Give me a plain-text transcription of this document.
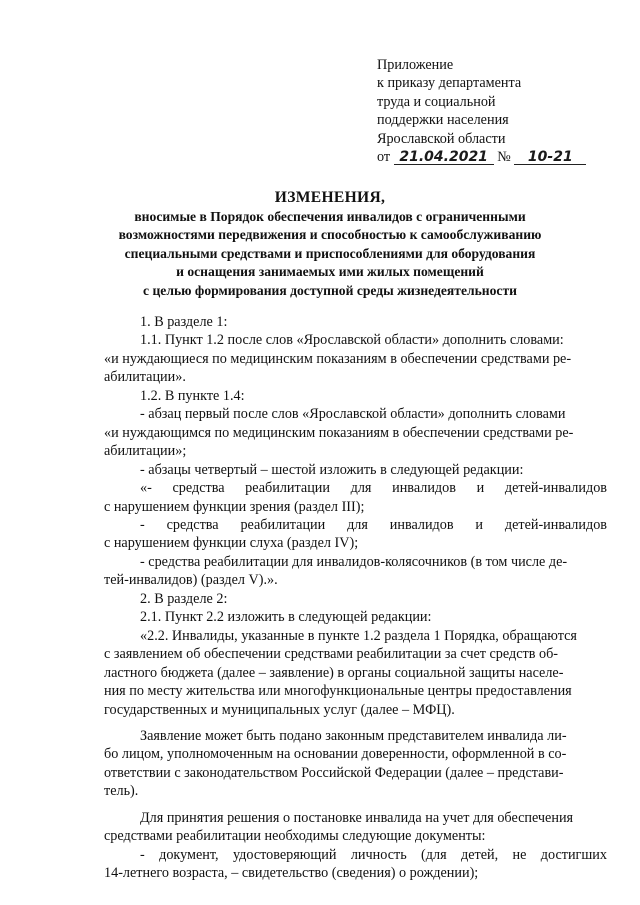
Приложение
к приказу департамента
труда и социальной
поддержки населения
Ярославской области
от 21.04.2021 № 10-21
ИЗМЕНЕНИЯ,
вносимые в Порядок обеспечения инвалидов с ограниченными
возможностями передвижения и способностью к самообслуживанию
специальными средствами и приспособлениями для оборудования
и оснащения занимаемых ими жилых помещений
с целью формирования доступной среды жизнедеятельности
1. В разделе 1:
1.1. Пункт 1.2 после слов «Ярославской области» дополнить словами:
«и нуждающиеся по медицинским показаниям в обеспечении средствами ре-
абилитации».
1.2. В пункте 1.4:
- абзац первый после слов «Ярославской области» дополнить словами
«и нуждающимся по медицинским показаниям в обеспечении средствами ре-
абилитации»;
- абзацы четвертый – шестой изложить в следующей редакции:
«- средства реабилитации для инвалидов и детей-инвалидов
с нарушением функции зрения (раздел III);
- средства реабилитации для инвалидов и детей-инвалидов
с нарушением функции слуха (раздел IV);
- средства реабилитации для инвалидов-колясочников (в том числе де-
тей-инвалидов) (раздел V).».
2. В разделе 2:
2.1. Пункт 2.2 изложить в следующей редакции:
«2.2. Инвалиды, указанные в пункте 1.2 раздела 1 Порядка, обращаются
с заявлением об обеспечении средствами реабилитации за счет средств об-
ластного бюджета (далее – заявление) в органы социальной защиты населе-
ния по месту жительства или многофункциональные центры предоставления
государственных и муниципальных услуг (далее – МФЦ).
Заявление может быть подано законным представителем инвалида ли-
бо лицом, уполномоченным на основании доверенности, оформленной в со-
ответствии с законодательством Российской Федерации (далее – представи-
тель).
Для принятия решения о постановке инвалида на учет для обеспечения
средствами реабилитации необходимы следующие документы:
- документ, удостоверяющий личность (для детей, не достигших
14-летнего возраста, – свидетельство (сведения) о рождении);
